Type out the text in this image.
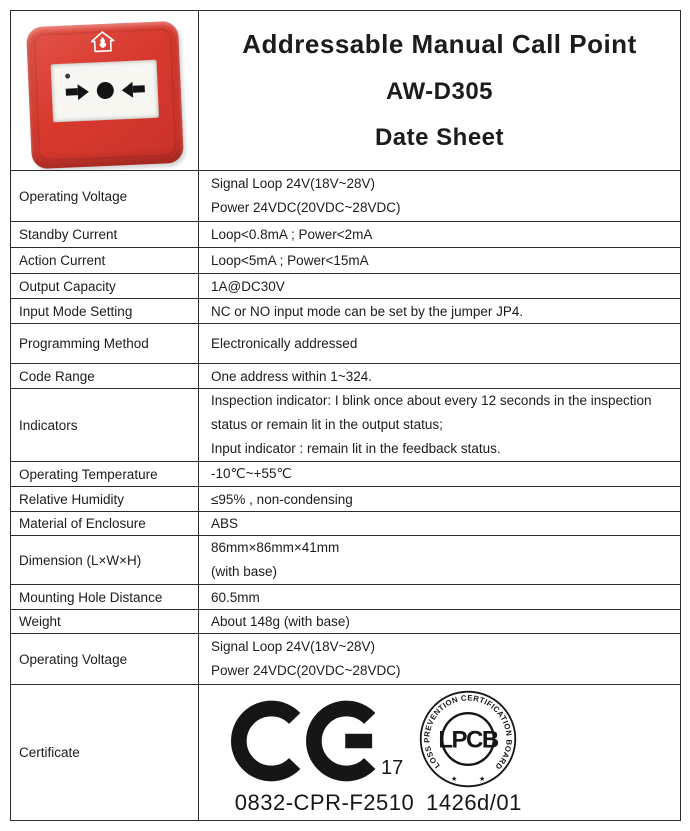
Addressable Manual Call Point
AW-D305
Date Sheet

Operating Voltage	Signal Loop 24V(18V~28V)
Power 24VDC(20VDC~28VDC)

Standby Current	Loop<0.8mA ; Power<2mA

Action Current	Loop<5mA ; Power<15mA

Output Capacity	1A@DC30V

Input Mode Setting	NC or NO input mode can be set by the jumper JP4.

Programming Method	Electronically addressed

Code Range	One address within 1~324.

Indicators	Inspection indicator: I blink once about every 12 seconds in the inspection
status or remain lit in the output status;
Input indicator : remain lit in the feedback status.

Operating Temperature	-10℃~+55℃

Relative Humidity	≤95% , non-condensing

Material of Enclosure	ABS

Dimension (L×W×H)	86mm×86mm×41mm
(with base)

Mounting Hole Distance	60.5mm

Weight	About 148g (with base)

Operating Voltage	Signal Loop 24V(18V~28V)
Power 24VDC(20VDC~28VDC)

Certificate	
17	LOSS PREVENTION CERTIFICATION BOARD
LPCB
★	★
0832-CPR-F2510 1426d/01
